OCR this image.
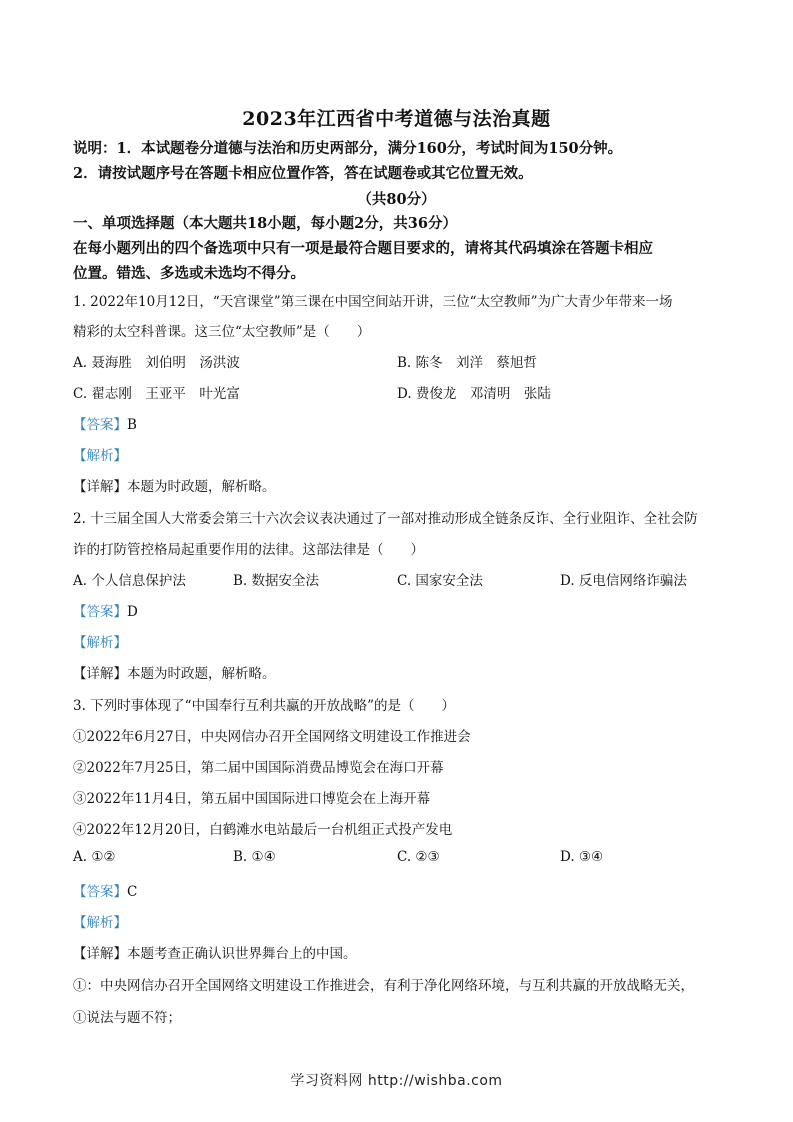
2023年江西省中考道德与法治真题
说明：1．本试题卷分道德与法治和历史两部分，满分160分，考试时间为150分钟。
2．请按试题序号在答题卡相应位置作答，答在试题卷或其它位置无效。
（共80分）
一、单项选择题（本大题共18小题，每小题2分，共36分）
在每小题列出的四个备选项中只有一项是最符合题目要求的，请将其代码填涂在答题卡相应
位置。错选、多选或未选均不得分。
1. 2022年10月12日，“天宫课堂”第三课在中国空间站开讲，三位“太空教师”为广大青少年带来一场
精彩的太空科普课。这三位“太空教师”是（　　）
A. 聂海胜　刘伯明　汤洪波	B. 陈冬　刘洋　蔡旭哲
C. 翟志刚　王亚平　叶光富	D. 费俊龙　邓清明　张陆
【答案】B
【解析】
【详解】本题为时政题，解析略。
2. 十三届全国人大常委会第三十六次会议表决通过了一部对推动形成全链条反诈、全行业阻诈、全社会防
诈的打防管控格局起重要作用的法律。这部法律是（　　）
A. 个人信息保护法	B. 数据安全法	C. 国家安全法	D. 反电信网络诈骗法
【答案】D
【解析】
【详解】本题为时政题，解析略。
3. 下列时事体现了“中国奉行互利共赢的开放战略”的是（　　）
①2022年6月27日，中央网信办召开全国网络文明建设工作推进会
②2022年7月25日，第二届中国国际消费品博览会在海口开幕
③2022年11月4日，第五届中国国际进口博览会在上海开幕
④2022年12月20日，白鹤滩水电站最后一台机组正式投产发电
A. ①②	B. ①④	C. ②③	D. ③④
【答案】C
【解析】
【详解】本题考查正确认识世界舞台上的中国。
①：中央网信办召开全国网络文明建设工作推进会，有利于净化网络环境，与互利共赢的开放战略无关，
①说法与题不符；
学习资料网 http://wishba.com
